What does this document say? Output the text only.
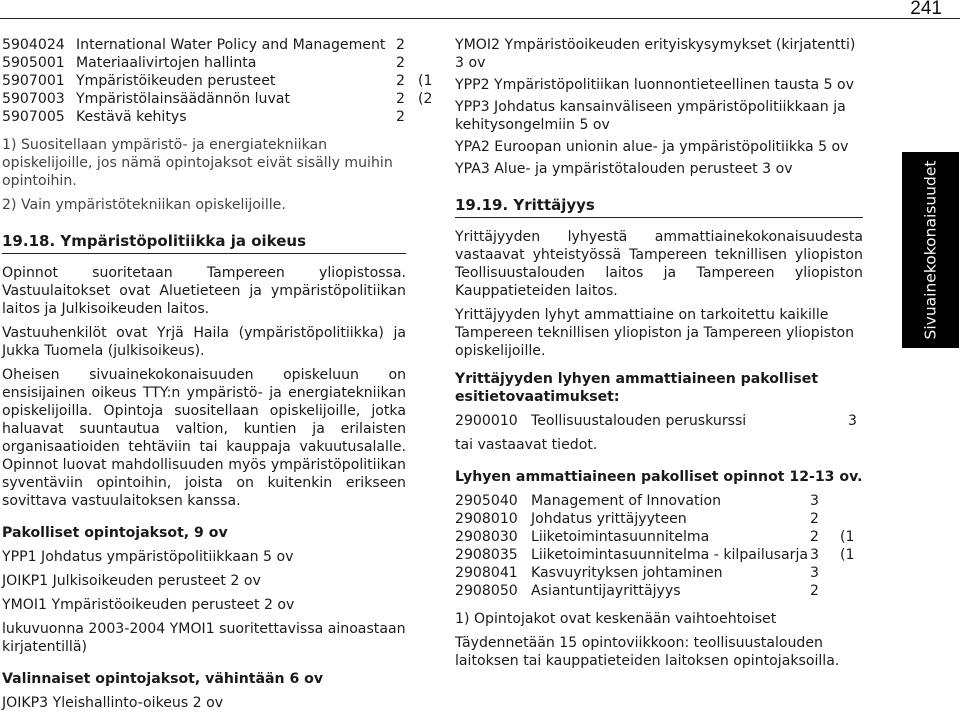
241
5904024 International Water Policy and Management 2
5905001 Materiaalivirtojen hallinta	2
5907001 Ympäristöikeuden perusteet	2 (1
5907003 Ympäristölainsäädännön luvat	2 (2
5907005 Kestävä kehitys	2

1) Suositellaan ympäristö- ja energiatekniikan opiskelijoille, jos nämä opintojaksot eivät sisälly muihin opintoihin.

2) Vain ympäristötekniikan opiskelijoille.

19.18. Ympäristöpolitiikka ja oikeus

Opinnot suoritetaan Tampereen yliopistossa. Vastuulaitokset ovat Aluetieteen ja ympäristöpolitiikan laitos ja Julkisoikeuden laitos.

Vastuuhenkilöt ovat Yrjä Haila (ympäristöpolitiikka) ja Jukka Tuomela (julkisoikeus).

Oheisen sivuainekokonaisuuden opiskeluun on ensisijainen oikeus TTY:n ympäristö- ja energiatekniikan opiskelijoilla. Opintoja suositellaan opiskelijoille, jotka haluavat suuntautua valtion, kuntien ja erilaisten organisaatioiden tehtäviin tai kauppaja vakuutusalalle. Opinnot luovat mahdollisuuden myös ympäristöpolitiikan syventäviin opintoihin, joista on kuitenkin erikseen sovittava vastuulaitoksen kanssa.

Pakolliset opintojaksot, 9 ov

YPP1 Johdatus ympäristöpolitiikkaan 5 ov

JOIKP1 Julkisoikeuden perusteet 2 ov

YMOI1 Ympäristöoikeuden perusteet 2 ov

lukuvuonna 2003-2004 YMOI1 suoritettavissa ainoastaan kirjatentillä)

Valinnaiset opintojaksot, vähintään 6 ov

JOIKP3 Yleishallinto-oikeus 2 ov

YMOI2 Ympäristöoikeuden erityiskysymykset (kirjatentti) 3 ov

YPP2 Ympäristöpolitiikan luonnontieteellinen tausta 5 ov

YPP3 Johdatus kansainväliseen ympäristöpolitiikkaan ja kehitysongelmiin 5 ov

YPA2 Euroopan unionin alue- ja ympäristöpolitiikka 5 ov

YPA3 Alue- ja ympäristötalouden perusteet 3 ov

19.19. Yrittäjyys

Yrittäjyyden lyhyestä ammattiainekokonaisuudesta vastaavat yhteistyössä Tampereen teknillisen yliopiston Teollisuustalouden laitos ja Tampereen yliopiston Kauppatieteiden laitos.

Yrittäjyyden lyhyt ammattiaine on tarkoitettu kaikille Tampereen teknillisen yliopiston ja Tampereen yliopiston opiskelijoille.

Yrittäjyyden lyhyen ammattiaineen pakolliset esitietovaatimukset:

2900010 Teollisuustalouden peruskurssi	3

tai vastaavat tiedot.

Lyhyen ammattiaineen pakolliset opinnot 12-13 ov.

2905040 Management of Innovation	3
2908010 Johdatus yrittäjyyteen	2
2908030 Liiketoimintasuunnitelma	2	(1
2908035 Liiketoimintasuunnitelma - kilpailusarja 3	(1
2908041 Kasvuyrityksen johtaminen	3
2908050 Asiantuntijayrittäjyys	2

1) Opintojakot ovat keskenään vaihtoehtoiset

Täydennetään 15 opintoviikkoon: teollisuustalouden laitoksen tai kauppatieteiden laitoksen opintojaksoilla.

Sivuainekokonaisuudet
